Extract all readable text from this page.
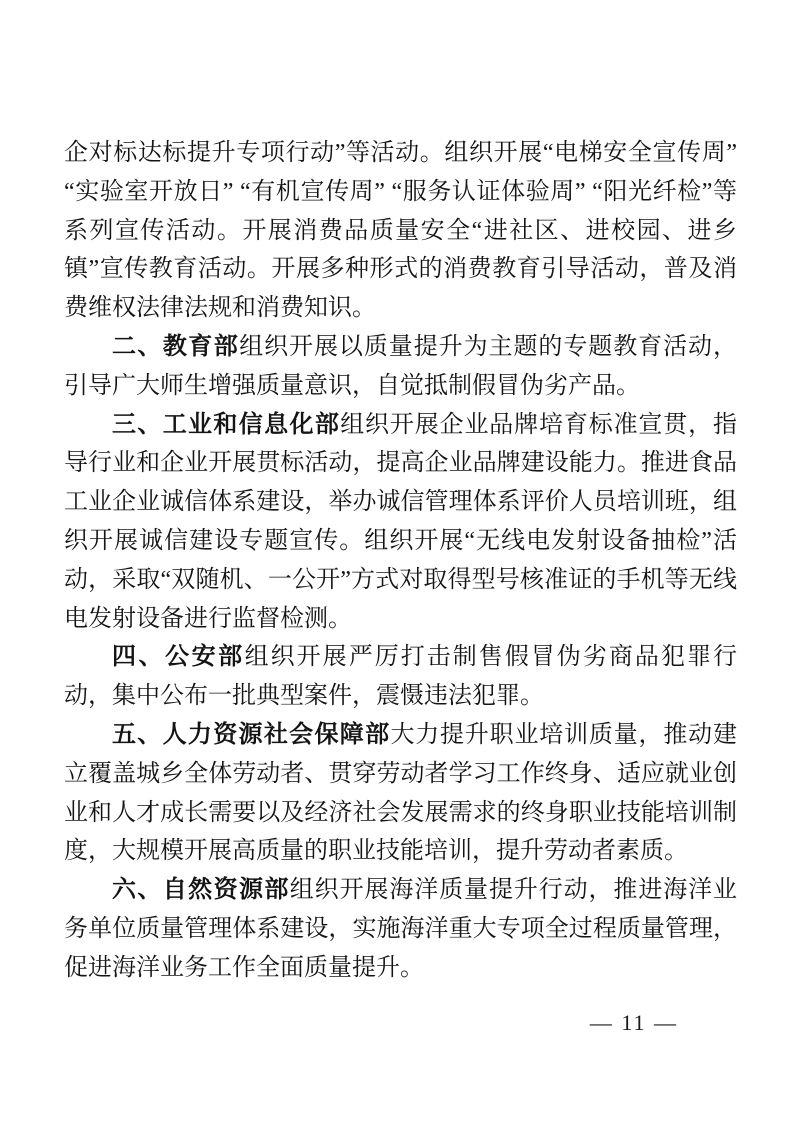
企对标达标提升专项行动”等活动。组织开展“电梯安全宣传周” “实验室开放日” “有机宣传周” “服务认证体验周” “阳光纤检”等系列宣传活动。开展消费品质量安全“进社区、进校园、进乡镇”宣传教育活动。开展多种形式的消费教育引导活动，普及消费维权法律法规和消费知识。

二、教育部组织开展以质量提升为主题的专题教育活动，引导广大师生增强质量意识，自觉抵制假冒伪劣产品。

三、工业和信息化部组织开展企业品牌培育标准宣贯，指导行业和企业开展贯标活动，提高企业品牌建设能力。推进食品工业企业诚信体系建设，举办诚信管理体系评价人员培训班，组织开展诚信建设专题宣传。组织开展“无线电发射设备抽检”活动，采取“双随机、一公开”方式对取得型号核准证的手机等无线电发射设备进行监督检测。

四、公安部组织开展严厉打击制售假冒伪劣商品犯罪行动，集中公布一批典型案件，震慑违法犯罪。

五、人力资源社会保障部大力提升职业培训质量，推动建立覆盖城乡全体劳动者、贯穿劳动者学习工作终身、适应就业创业和人才成长需要以及经济社会发展需求的终身职业技能培训制度，大规模开展高质量的职业技能培训，提升劳动者素质。

六、自然资源部组织开展海洋质量提升行动，推进海洋业务单位质量管理体系建设，实施海洋重大专项全过程质量管理，促进海洋业务工作全面质量提升。

— 11 —
